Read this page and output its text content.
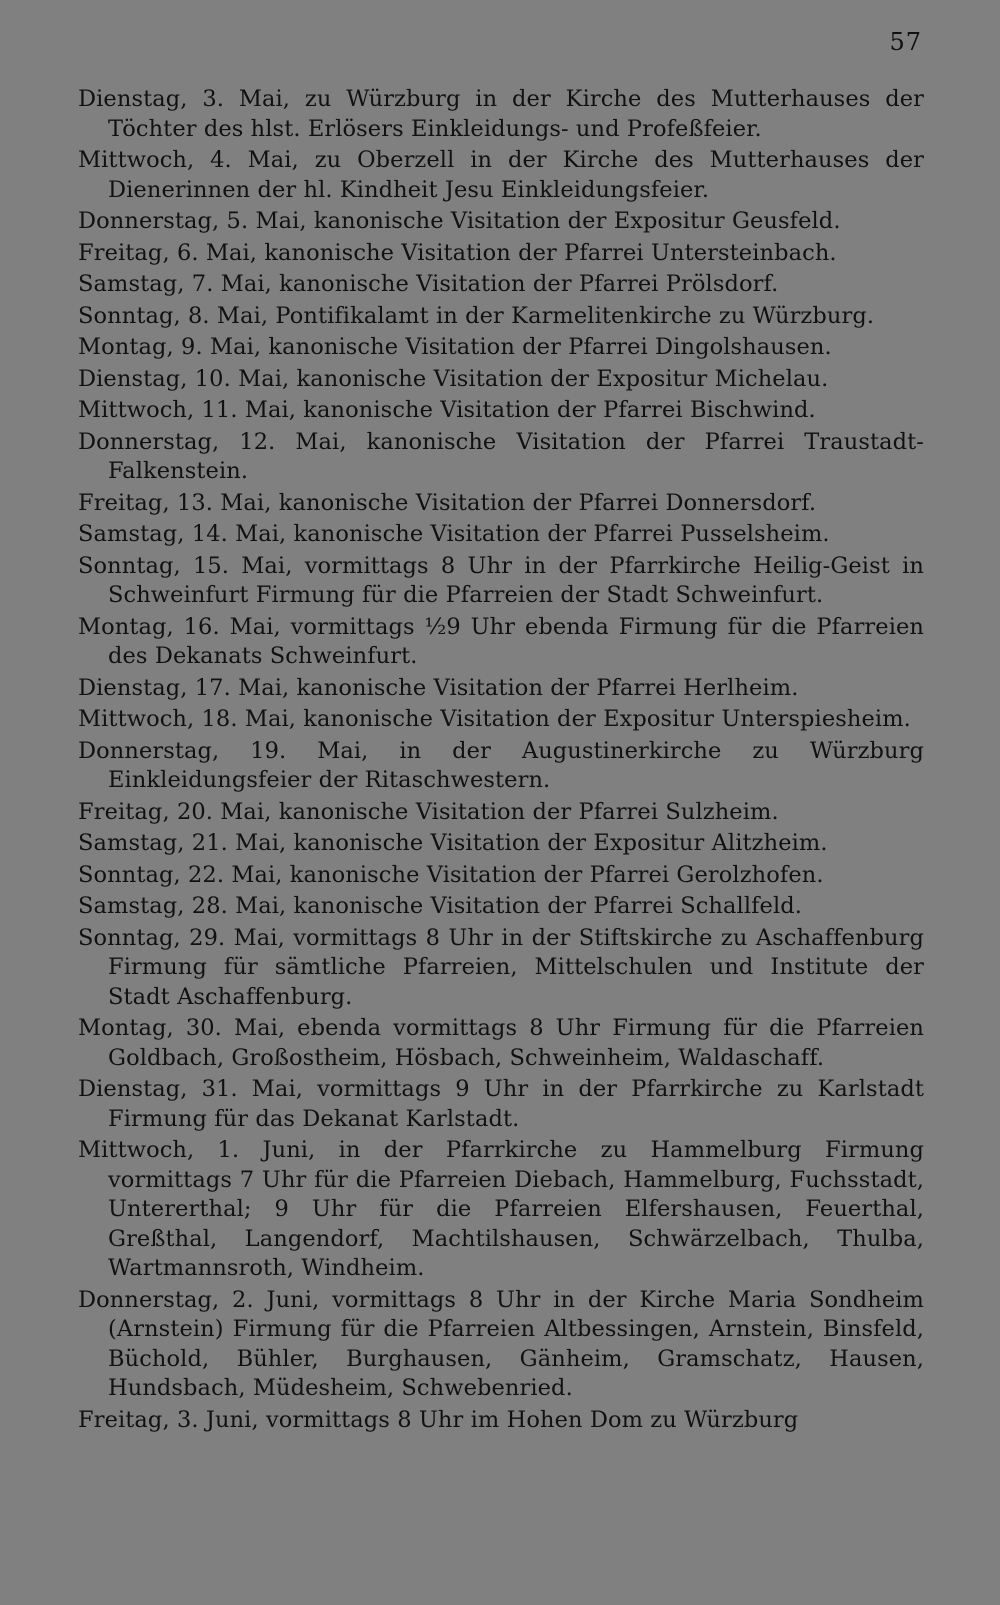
57

Dienstag, 3. Mai, zu Würzburg in der Kirche des Mutterhauses der Töchter des hlst. Erlösers Einkleidungs- und Profeßfeier.

Mittwoch, 4. Mai, zu Oberzell in der Kirche des Mutterhauses der Dienerinnen der hl. Kindheit Jesu Einkleidungsfeier.

Donnerstag, 5. Mai, kanonische Visitation der Expositur Geusfeld.

Freitag, 6. Mai, kanonische Visitation der Pfarrei Untersteinbach.

Samstag, 7. Mai, kanonische Visitation der Pfarrei Prölsdorf.

Sonntag, 8. Mai, Pontifikalamt in der Karmelitenkirche zu Würzburg.

Montag, 9. Mai, kanonische Visitation der Pfarrei Dingolshausen.

Dienstag, 10. Mai, kanonische Visitation der Expositur Michelau.

Mittwoch, 11. Mai, kanonische Visitation der Pfarrei Bischwind.

Donnerstag, 12. Mai, kanonische Visitation der Pfarrei Traustadt-Falkenstein.

Freitag, 13. Mai, kanonische Visitation der Pfarrei Donnersdorf.

Samstag, 14. Mai, kanonische Visitation der Pfarrei Pusselsheim.

Sonntag, 15. Mai, vormittags 8 Uhr in der Pfarrkirche Heilig-Geist in Schweinfurt Firmung für die Pfarreien der Stadt Schweinfurt.

Montag, 16. Mai, vormittags ½9 Uhr ebenda Firmung für die Pfarreien des Dekanats Schweinfurt.

Dienstag, 17. Mai, kanonische Visitation der Pfarrei Herlheim.

Mittwoch, 18. Mai, kanonische Visitation der Expositur Unterspiesheim.

Donnerstag, 19. Mai, in der Augustinerkirche zu Würzburg Einkleidungsfeier der Ritaschwestern.

Freitag, 20. Mai, kanonische Visitation der Pfarrei Sulzheim.

Samstag, 21. Mai, kanonische Visitation der Expositur Alitzheim.

Sonntag, 22. Mai, kanonische Visitation der Pfarrei Gerolzhofen.

Samstag, 28. Mai, kanonische Visitation der Pfarrei Schallfeld.

Sonntag, 29. Mai, vormittags 8 Uhr in der Stiftskirche zu Aschaffenburg Firmung für sämtliche Pfarreien, Mittelschulen und Institute der Stadt Aschaffenburg.

Montag, 30. Mai, ebenda vormittags 8 Uhr Firmung für die Pfarreien Goldbach, Großostheim, Hösbach, Schweinheim, Waldaschaff.

Dienstag, 31. Mai, vormittags 9 Uhr in der Pfarrkirche zu Karlstadt Firmung für das Dekanat Karlstadt.

Mittwoch, 1. Juni, in der Pfarrkirche zu Hammelburg Firmung vormittags 7 Uhr für die Pfarreien Diebach, Hammelburg, Fuchsstadt, Untererthal; 9 Uhr für die Pfarreien Elfershausen, Feuerthal, Greßthal, Langendorf, Machtilshausen, Schwärzelbach, Thulba, Wartmannsroth, Windheim.

Donnerstag, 2. Juni, vormittags 8 Uhr in der Kirche Maria Sondheim (Arnstein) Firmung für die Pfarreien Altbessingen, Arnstein, Binsfeld, Büchold, Bühler, Burghausen, Gänheim, Gramschatz, Hausen, Hundsbach, Müdesheim, Schwebenried.

Freitag, 3. Juni, vormittags 8 Uhr im Hohen Dom zu Würzburg
